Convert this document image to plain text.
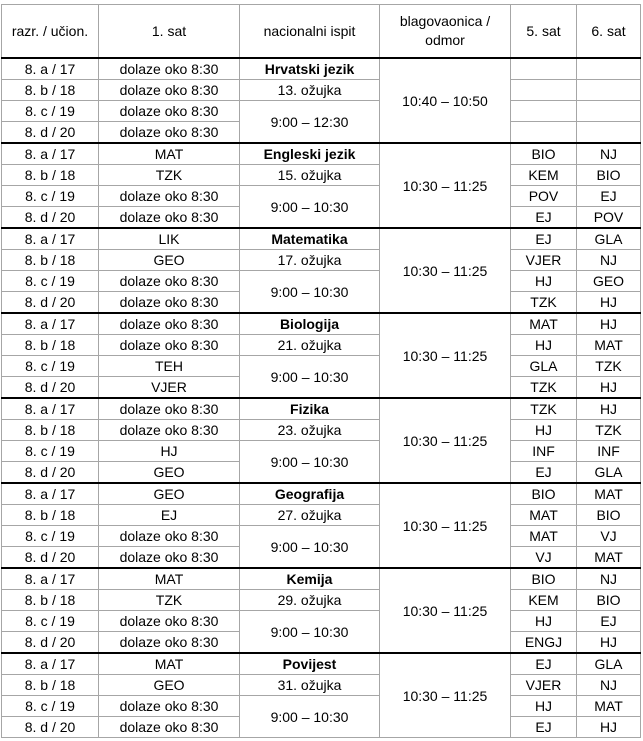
razr. / učion.	1. sat	nacionalni ispit	blagovaonica / odmor	5. sat	6. sat
8. a / 17	dolaze oko 8:30	Hrvatski jezik	10:40 – 10:50		
8. b / 18	dolaze oko 8:30	13. ožujka			
8. c / 19	dolaze oko 8:30	9:00 – 12:30			
8. d / 20	dolaze oko 8:30				
8. a / 17	MAT	Engleski jezik	10:30 – 11:25	BIO	NJ
8. b / 18	TZK	15. ožujka		KEM	BIO
8. c / 19	dolaze oko 8:30	9:00 – 10:30		POV	EJ
8. d / 20	dolaze oko 8:30			EJ	POV
8. a / 17	LIK	Matematika	10:30 – 11:25	EJ	GLA
8. b / 18	GEO	17. ožujka		VJER	NJ
8. c / 19	dolaze oko 8:30	9:00 – 10:30		HJ	GEO
8. d / 20	dolaze oko 8:30			TZK	HJ
8. a / 17	dolaze oko 8:30	Biologija	10:30 – 11:25	MAT	HJ
8. b / 18	dolaze oko 8:30	21. ožujka		HJ	MAT
8. c / 19	TEH	9:00 – 10:30		GLA	TZK
8. d / 20	VJER			TZK	HJ
8. a / 17	dolaze oko 8:30	Fizika	10:30 – 11:25	TZK	HJ
8. b / 18	dolaze oko 8:30	23. ožujka		HJ	TZK
8. c / 19	HJ	9:00 – 10:30		INF	INF
8. d / 20	GEO			EJ	GLA
8. a / 17	GEO	Geografija	10:30 – 11:25	BIO	MAT
8. b / 18	EJ	27. ožujka		MAT	BIO
8. c / 19	dolaze oko 8:30	9:00 – 10:30		MAT	VJ
8. d / 20	dolaze oko 8:30			VJ	MAT
8. a / 17	MAT	Kemija	10:30 – 11:25	BIO	NJ
8. b / 18	TZK	29. ožujka		KEM	BIO
8. c / 19	dolaze oko 8:30	9:00 – 10:30		HJ	EJ
8. d / 20	dolaze oko 8:30			ENGJ	HJ
8. a / 17	MAT	Povijest	10:30 – 11:25	EJ	GLA
8. b / 18	GEO	31. ožujka		VJER	NJ
8. c / 19	dolaze oko 8:30	9:00 – 10:30		HJ	MAT
8. d / 20	dolaze oko 8:30			EJ	HJ
